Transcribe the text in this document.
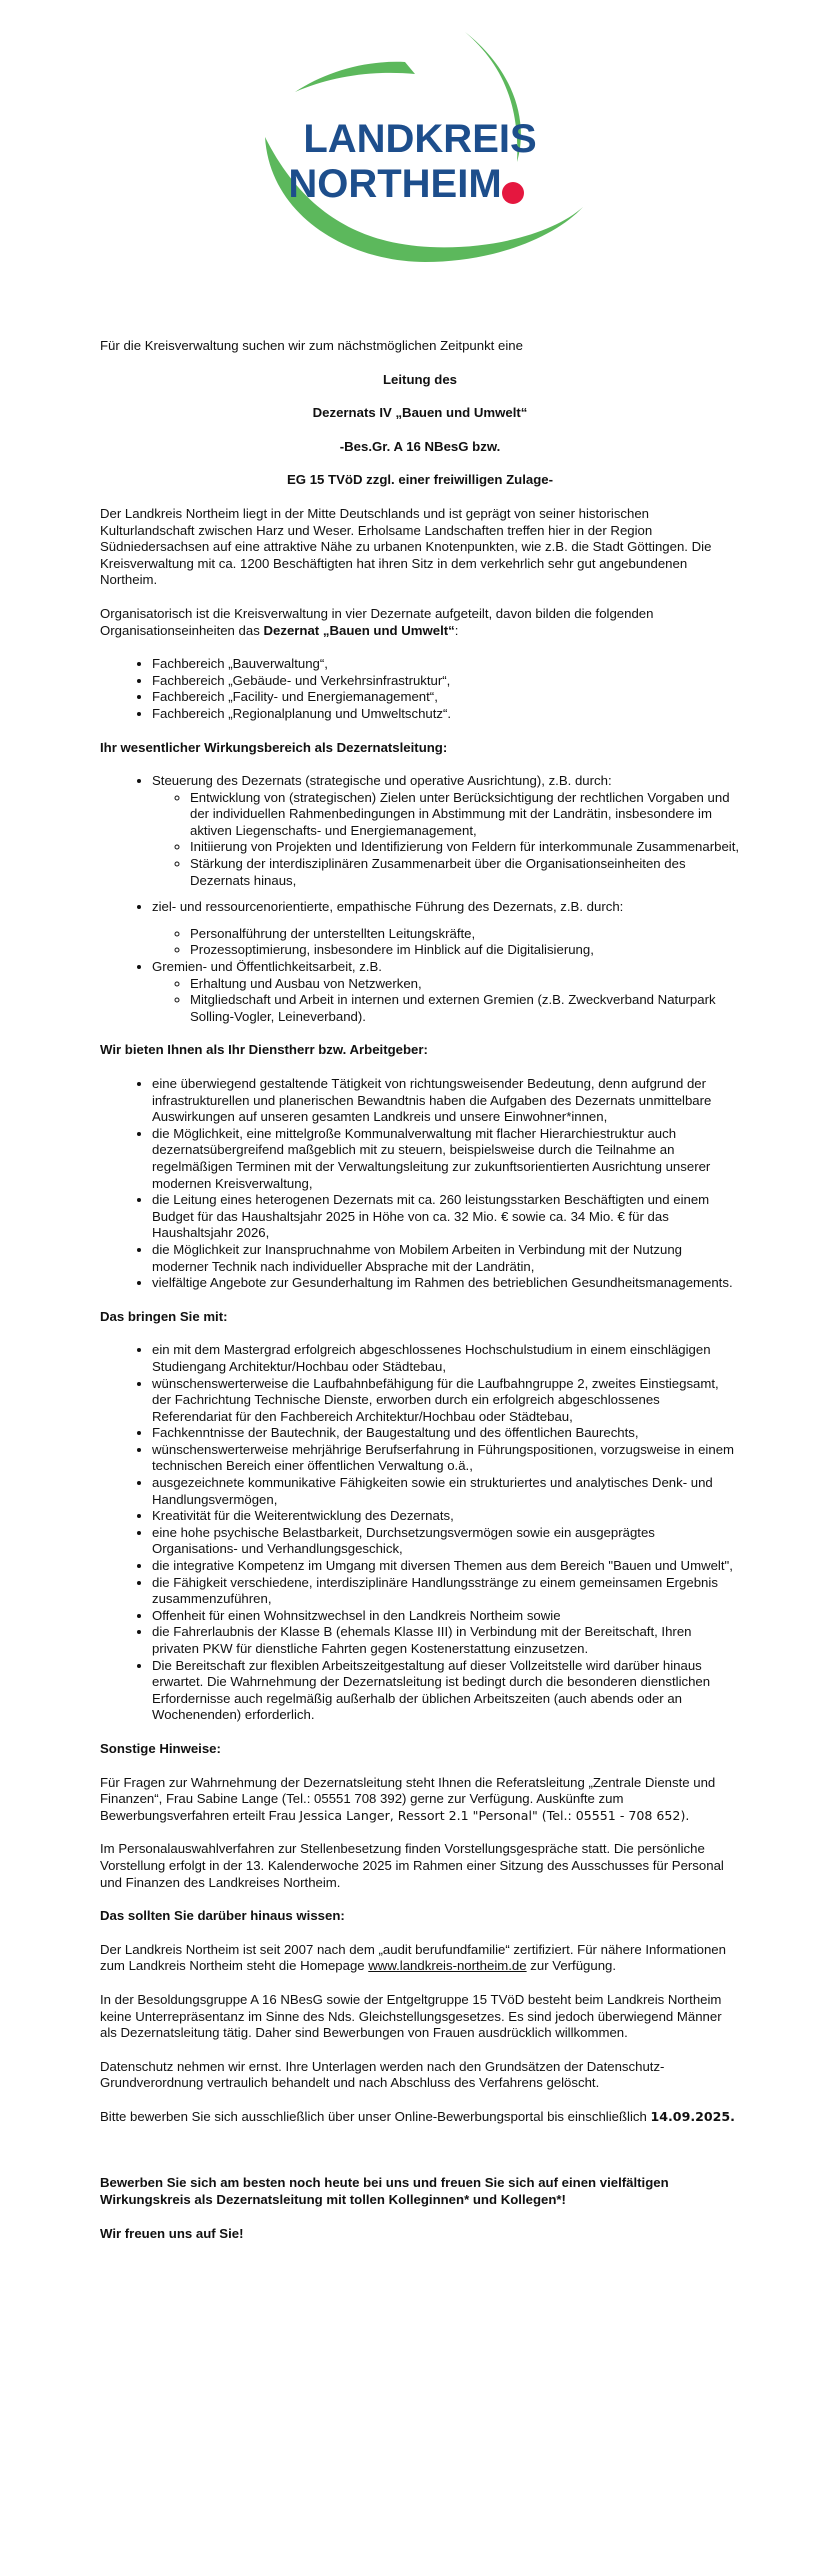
LANDKREIS
NORTHEIM

Für die Kreisverwaltung suchen wir zum nächstmöglichen Zeitpunkt eine

Leitung des

Dezernats IV „Bauen und Umwelt“

-Bes.Gr. A 16 NBesG bzw.

EG 15 TVöD zzgl. einer freiwilligen Zulage-

Der Landkreis Northeim liegt in der Mitte Deutschlands und ist geprägt von seiner historischen Kulturlandschaft zwischen Harz und Weser. Erholsame Landschaften treffen hier in der Region Südniedersachsen auf eine attraktive Nähe zu urbanen Knotenpunkten, wie z.B. die Stadt Göttingen. Die Kreisverwaltung mit ca. 1200 Beschäftigten hat ihren Sitz in dem verkehrlich sehr gut angebundenen Northeim.

Organisatorisch ist die Kreisverwaltung in vier Dezernate aufgeteilt, davon bilden die folgenden Organisationseinheiten das Dezernat „Bauen und Umwelt“:

• Fachbereich „Bauverwaltung“,
• Fachbereich „Gebäude- und Verkehrsinfrastruktur“,
• Fachbereich „Facility- und Energiemanagement“,
• Fachbereich „Regionalplanung und Umweltschutz“.

Ihr wesentlicher Wirkungsbereich als Dezernatsleitung:

• Steuerung des Dezernats (strategische und operative Ausrichtung), z.B. durch:
◦ Entwicklung von (strategischen) Zielen unter Berücksichtigung der rechtlichen Vorgaben und der individuellen Rahmenbedingungen in Abstimmung mit der Landrätin, insbesondere im aktiven Liegenschafts- und Energiemanagement,
◦ Initiierung von Projekten und Identifizierung von Feldern für interkommunale Zusammenarbeit,
◦ Stärkung der interdisziplinären Zusammenarbeit über die Organisationseinheiten des Dezernats hinaus,
• ziel- und ressourcenorientierte, empathische Führung des Dezernats, z.B. durch:
◦ Personalführung der unterstellten Leitungskräfte,
◦ Prozessoptimierung, insbesondere im Hinblick auf die Digitalisierung,
• Gremien- und Öffentlichkeitsarbeit, z.B.
◦ Erhaltung und Ausbau von Netzwerken,
◦ Mitgliedschaft und Arbeit in internen und externen Gremien (z.B. Zweckverband Naturpark Solling-Vogler, Leineverband).

Wir bieten Ihnen als Ihr Dienstherr bzw. Arbeitgeber:

• eine überwiegend gestaltende Tätigkeit von richtungsweisender Bedeutung, denn aufgrund der infrastrukturellen und planerischen Bewandtnis haben die Aufgaben des Dezernats unmittelbare Auswirkungen auf unseren gesamten Landkreis und unsere Einwohner*innen,
• die Möglichkeit, eine mittelgroße Kommunalverwaltung mit flacher Hierarchiestruktur auch dezernatsübergreifend maßgeblich mit zu steuern, beispielsweise durch die Teilnahme an regelmäßigen Terminen mit der Verwaltungsleitung zur zukunftsorientierten Ausrichtung unserer modernen Kreisverwaltung,
• die Leitung eines heterogenen Dezernats mit ca. 260 leistungsstarken Beschäftigten und einem Budget für das Haushaltsjahr 2025 in Höhe von ca. 32 Mio. € sowie ca. 34 Mio. € für das Haushaltsjahr 2026,
• die Möglichkeit zur Inanspruchnahme von Mobilem Arbeiten in Verbindung mit der Nutzung moderner Technik nach individueller Absprache mit der Landrätin,
• vielfältige Angebote zur Gesunderhaltung im Rahmen des betrieblichen Gesundheitsmanagements.

Das bringen Sie mit:

• ein mit dem Mastergrad erfolgreich abgeschlossenes Hochschulstudium in einem einschlägigen Studiengang Architektur/Hochbau oder Städtebau,
• wünschenswerterweise die Laufbahnbefähigung für die Laufbahngruppe 2, zweites Einstiegsamt, der Fachrichtung Technische Dienste, erworben durch ein erfolgreich abgeschlossenes Referendariat für den Fachbereich Architektur/Hochbau oder Städtebau,
• Fachkenntnisse der Bautechnik, der Baugestaltung und des öffentlichen Baurechts,
• wünschenswerterweise mehrjährige Berufserfahrung in Führungspositionen, vorzugsweise in einem technischen Bereich einer öffentlichen Verwaltung o.ä.,
• ausgezeichnete kommunikative Fähigkeiten sowie ein strukturiertes und analytisches Denk- und Handlungsvermögen,
• Kreativität für die Weiterentwicklung des Dezernats,
• eine hohe psychische Belastbarkeit, Durchsetzungsvermögen sowie ein ausgeprägtes Organisations- und Verhandlungsgeschick,
• die integrative Kompetenz im Umgang mit diversen Themen aus dem Bereich "Bauen und Umwelt",
• die Fähigkeit verschiedene, interdisziplinäre Handlungsstränge zu einem gemeinsamen Ergebnis zusammenzuführen,
• Offenheit für einen Wohnsitzwechsel in den Landkreis Northeim sowie
• die Fahrerlaubnis der Klasse B (ehemals Klasse III) in Verbindung mit der Bereitschaft, Ihren privaten PKW für dienstliche Fahrten gegen Kostenerstattung einzusetzen.
• Die Bereitschaft zur flexiblen Arbeitszeitgestaltung auf dieser Vollzeitstelle wird darüber hinaus erwartet. Die Wahrnehmung der Dezernatsleitung ist bedingt durch die besonderen dienstlichen Erfordernisse auch regelmäßig außerhalb der üblichen Arbeitszeiten (auch abends oder an Wochenenden) erforderlich.

Sonstige Hinweise:

Für Fragen zur Wahrnehmung der Dezernatsleitung steht Ihnen die Referatsleitung „Zentrale Dienste und Finanzen“, Frau Sabine Lange (Tel.: 05551 708 392) gerne zur Verfügung. Auskünfte zum Bewerbungsverfahren erteilt Frau Jessica Langer, Ressort 2.1 "Personal" (Tel.: 05551 - 708 652).

Im Personalauswahlverfahren zur Stellenbesetzung finden Vorstellungsgespräche statt. Die persönliche Vorstellung erfolgt in der 13. Kalenderwoche 2025 im Rahmen einer Sitzung des Ausschusses für Personal und Finanzen des Landkreises Northeim.

Das sollten Sie darüber hinaus wissen:

Der Landkreis Northeim ist seit 2007 nach dem „audit berufundfamilie“ zertifiziert. Für nähere Informationen zum Landkreis Northeim steht die Homepage www.landkreis-northeim.de zur Verfügung.

In der Besoldungsgruppe A 16 NBesG sowie der Entgeltgruppe 15 TVöD besteht beim Landkreis Northeim keine Unterrepräsentanz im Sinne des Nds. Gleichstellungsgesetzes. Es sind jedoch überwiegend Männer als Dezernatsleitung tätig. Daher sind Bewerbungen von Frauen ausdrücklich willkommen.

Datenschutz nehmen wir ernst. Ihre Unterlagen werden nach den Grundsätzen der Datenschutz-Grundverordnung vertraulich behandelt und nach Abschluss des Verfahrens gelöscht.

Bitte bewerben Sie sich ausschließlich über unser Online-Bewerbungsportal bis einschließlich 14.09.2025.

Bewerben Sie sich am besten noch heute bei uns und freuen Sie sich auf einen vielfältigen Wirkungskreis als Dezernatsleitung mit tollen Kolleginnen* und Kollegen*!

Wir freuen uns auf Sie!
